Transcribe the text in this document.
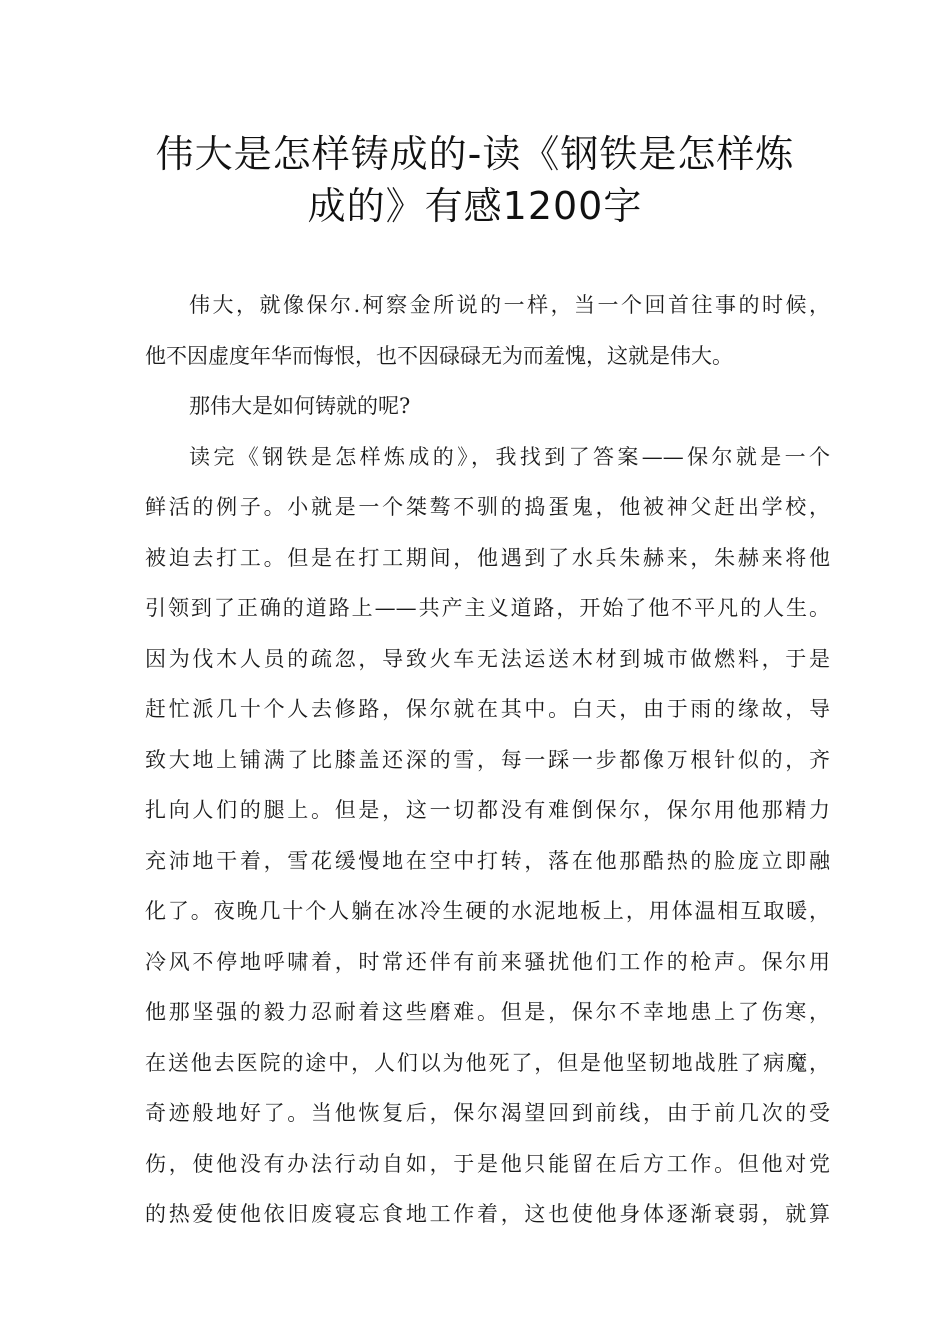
伟大是怎样铸成的-读《钢铁是怎样炼
成的》有感1200字
伟大，就像保尔.柯察金所说的一样，当一个回首往事的时候，
他不因虚度年华而悔恨，也不因碌碌无为而羞愧，这就是伟大。
那伟大是如何铸就的呢?
读完《钢铁是怎样炼成的》，我找到了答案——保尔就是一个
鲜活的例子。小就是一个桀骜不驯的捣蛋鬼，他被神父赶出学校，
被迫去打工。但是在打工期间，他遇到了水兵朱赫来，朱赫来将他
引领到了正确的道路上——共产主义道路，开始了他不平凡的人生。
因为伐木人员的疏忽，导致火车无法运送木材到城市做燃料，于是
赶忙派几十个人去修路，保尔就在其中。白天，由于雨的缘故，导
致大地上铺满了比膝盖还深的雪，每一踩一步都像万根针似的，齐
扎向人们的腿上。但是，这一切都没有难倒保尔，保尔用他那精力
充沛地干着，雪花缓慢地在空中打转，落在他那酷热的脸庞立即融
化了。夜晚几十个人躺在冰冷生硬的水泥地板上，用体温相互取暖，
冷风不停地呼啸着，时常还伴有前来骚扰他们工作的枪声。保尔用
他那坚强的毅力忍耐着这些磨难。但是，保尔不幸地患上了伤寒，
在送他去医院的途中，人们以为他死了，但是他坚韧地战胜了病魔，
奇迹般地好了。当他恢复后，保尔渴望回到前线，由于前几次的受
伤，使他没有办法行动自如，于是他只能留在后方工作。但他对党
的热爱使他依旧废寝忘食地工作着，这也使他身体逐渐衰弱，就算
